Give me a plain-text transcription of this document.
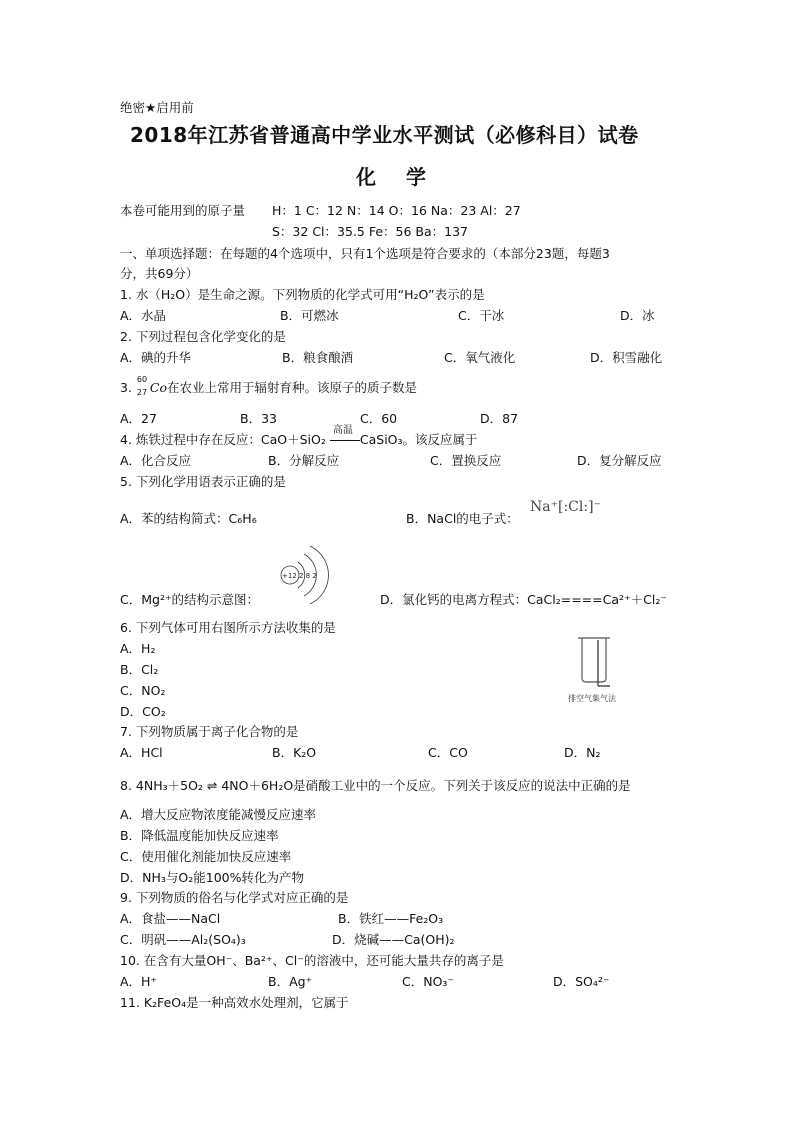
绝密★启用前
2018年江苏省普通高中学业水平测试（必修科目）试卷
化学
本卷可能用到的原子量 H：1 C：12 N：14 O：16 Na：23 Al：27
S：32 Cl：35.5 Fe：56 Ba：137
一、单项选择题：在每题的4个选项中，只有1个选项是符合要求的（本部分23题，每题3
分，共69分）
1. 水（H₂O）是生命之源。下列物质的化学式可用“H₂O”表示的是
A．水晶	B．可燃冰	C．干冰	D．冰
2. 下列过程包含化学变化的是
A．碘的升华	B．粮食酿酒	C．氧气液化	D．积雪融化
3.
60
27 Co在农业上常用于辐射育种。该原子的质子数是
A．27	B．33	C．60	D．87
4. 炼铁过程中存在反应：CaO＋SiO₂
高温
CaSiO₃。该反应属于
A．化合反应	B．分解反应	C．置换反应	D．复分解反应
5. 下列化学用语表示正确的是
A．苯的结构简式：C₆H₆	B．NaCl的电子式：
Na⁺[:Cl:]⁻
+12 2 8 2
C．Mg²⁺的结构示意图：	D．氯化钙的电离方程式：CaCl₂====Ca²⁺＋Cl₂⁻
6. 下列气体可用右图所示方法收集的是
A．H₂
B．Cl₂
C．NO₂
D．CO₂
排空气集气法
7. 下列物质属于离子化合物的是
A．HCl	B．K₂O	C．CO	D．N₂
8. 4NH₃＋5O₂ ⇌ 4NO＋6H₂O是硝酸工业中的一个反应。下列关于该反应的说法中正确的是
A．增大反应物浓度能减慢反应速率
B．降低温度能加快反应速率
C．使用催化剂能加快反应速率
D．NH₃与O₂能100%转化为产物
9. 下列物质的俗名与化学式对应正确的是
A．食盐——NaCl	B．铁红——Fe₂O₃
C．明矾——Al₂(SO₄)₃	D．烧碱——Ca(OH)₂
10. 在含有大量OH⁻、Ba²⁺、Cl⁻的溶液中，还可能大量共存的离子是
A．H⁺	B．Ag⁺	C．NO₃⁻	D．SO₄²⁻
11. K₂FeO₄是一种高效水处理剂，它属于
